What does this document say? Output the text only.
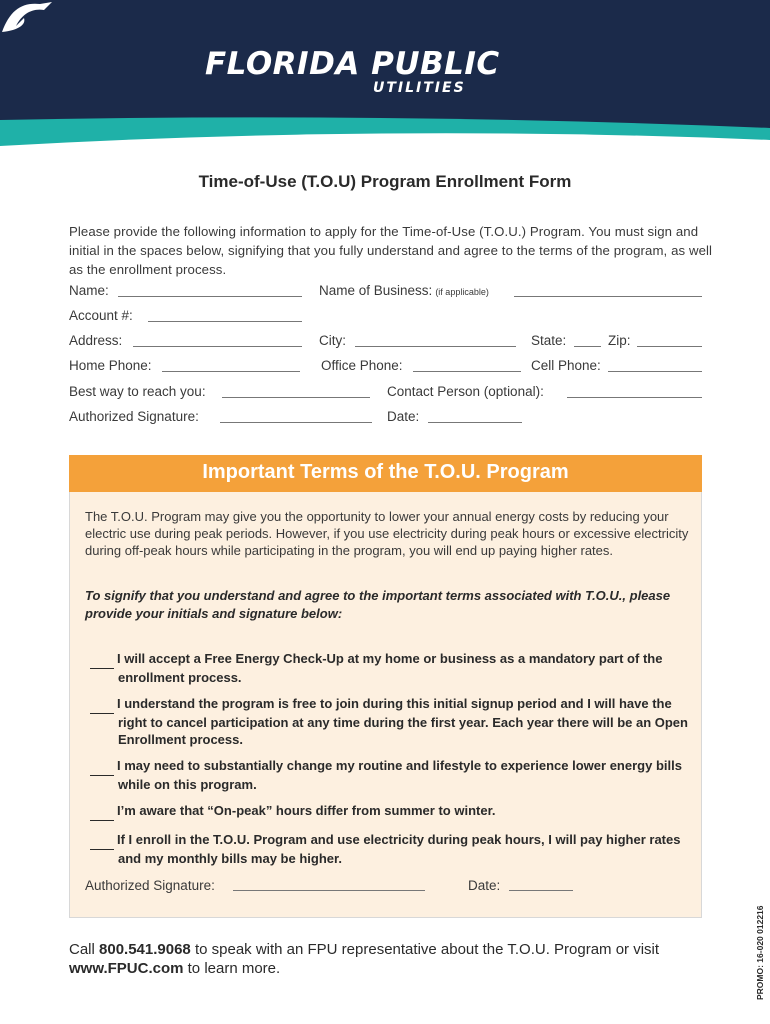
FLORIDA PUBLIC
UTILITIES
Time-of-Use (T.O.U) Program Enrollment Form
Please provide the following information to apply for the Time-of-Use (T.O.U.) Program. You must sign and initial in the spaces below, signifying that you fully understand and agree to the terms of the program, as well as the enrollment process.
Name:	Name of Business: (if applicable)
Account #:
Address:	City:	State:	Zip:
Home Phone:	Office Phone:	Cell Phone:
Best way to reach you:	Contact Person (optional):
Authorized Signature:	Date:
Important Terms of the T.O.U. Program
The T.O.U. Program may give you the opportunity to lower your annual energy costs by reducing your electric use during peak periods. However, if you use electricity during peak hours or excessive electricity during off-peak hours while participating in the program, you will end up paying higher rates.
To signify that you understand and agree to the important terms associated with T.O.U., please provide your initials and signature below:
I will accept a Free Energy Check-Up at my home or business as a mandatory part of the enrollment process.
I understand the program is free to join during this initial signup period and I will have the right to cancel participation at any time during the first year. Each year there will be an Open Enrollment process.
I may need to substantially change my routine and lifestyle to experience lower energy bills while on this program.
I’m aware that “On-peak” hours differ from summer to winter.
If I enroll in the T.O.U. Program and use electricity during peak hours, I will pay higher rates and my monthly bills may be higher.
Authorized Signature:	Date:
Call 800.541.9068 to speak with an FPU representative about the T.O.U. Program or visit www.FPUC.com to learn more.	PROMO: 16-020 012216
